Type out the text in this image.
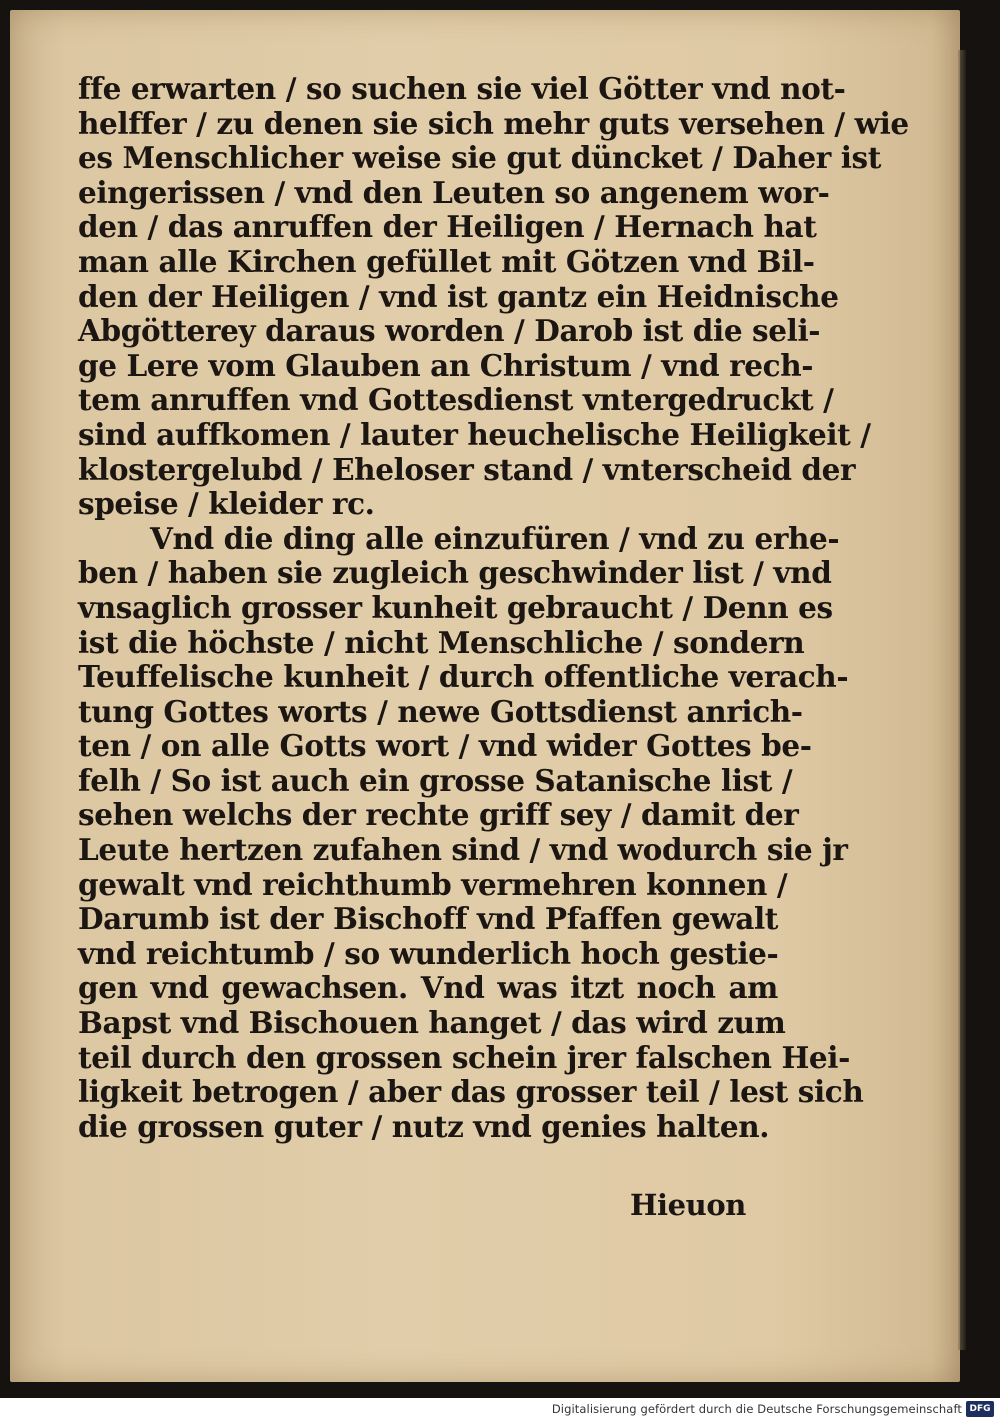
ffe erwarten / so suchen sie viel Götter vnd not-
helffer / zu denen sie sich mehr guts versehen / wie
es Menschlicher weise sie gut düncket / Daher ist
eingerissen / vnd den Leuten so angenem wor-
den / das anruffen der Heiligen / Hernach hat
man alle Kirchen gefüllet mit Götzen vnd Bil-
den der Heiligen / vnd ist gantz ein Heidnische
Abgötterey daraus worden / Darob ist die seli-
ge Lere vom Glauben an Christum / vnd rech-
tem anruffen vnd Gottesdienst vntergedruckt /
sind auffkomen / lauter heuchelische Heiligkeit /
klostergelubd / Eheloser stand / vnterscheid der
speise / kleider rc.
Vnd die ding alle einzufüren / vnd zu erhe-
ben / haben sie zugleich geschwinder list / vnd
vnsaglich grosser kunheit gebraucht / Denn es
ist die höchste / nicht Menschliche / sondern
Teuffelische kunheit / durch offentliche verach-
tung Gottes worts / newe Gottsdienst anrich-
ten / on alle Gotts wort / vnd wider Gottes be-
felh / So ist auch ein grosse Satanische list /
sehen welchs der rechte griff sey / damit der
Leute hertzen zufahen sind / vnd wodurch sie jr
gewalt vnd reichthumb vermehren konnen /
Darumb ist der Bischoff vnd Pfaffen gewalt
vnd reichtumb / so wunderlich hoch gestie-
gen vnd gewachsen. Vnd was itzt noch am
Bapst vnd Bischouen hanget / das wird zum
teil durch den grossen schein jrer falschen Hei-
ligkeit betrogen / aber das grosser teil / lest sich
die grossen guter / nutz vnd genies halten.
Hieuon
Digitalisierung gefördert durch die Deutsche Forschungsgemeinschaft DFG
